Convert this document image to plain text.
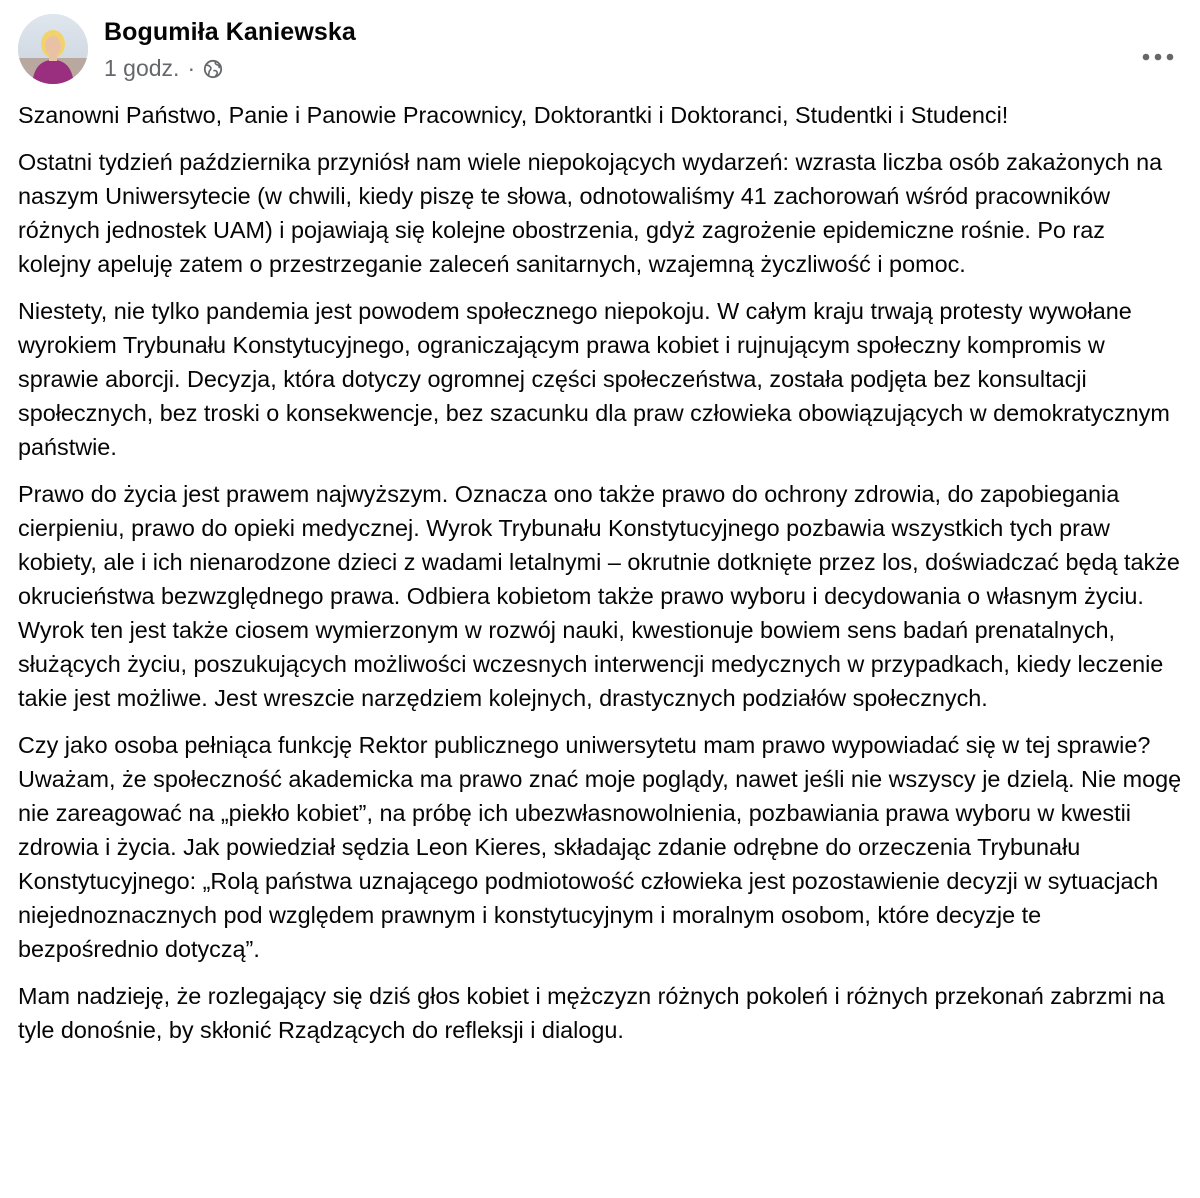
Bogumiła Kaniewska
1 godz. ·

Szanowni Państwo, Panie i Panowie Pracownicy, Doktorantki i Doktoranci, Studentki i Studenci!

Ostatni tydzień października przyniósł nam wiele niepokojących wydarzeń: wzrasta liczba osób zakażonych na naszym Uniwersytecie (w chwili, kiedy piszę te słowa, odnotowaliśmy 41 zachorowań wśród pracowników różnych jednostek UAM) i pojawiają się kolejne obostrzenia, gdyż zagrożenie epidemiczne rośnie. Po raz kolejny apeluję zatem o przestrzeganie zaleceń sanitarnych, wzajemną życzliwość i pomoc.

Niestety, nie tylko pandemia jest powodem społecznego niepokoju. W całym kraju trwają protesty wywołane wyrokiem Trybunału Konstytucyjnego, ograniczającym prawa kobiet i rujnującym społeczny kompromis w sprawie aborcji. Decyzja, która dotyczy ogromnej części społeczeństwa, została podjęta bez konsultacji społecznych, bez troski o konsekwencje, bez szacunku dla praw człowieka obowiązujących w demokratycznym państwie.

Prawo do życia jest prawem najwyższym. Oznacza ono także prawo do ochrony zdrowia, do zapobiegania cierpieniu, prawo do opieki medycznej. Wyrok Trybunału Konstytucyjnego pozbawia wszystkich tych praw kobiety, ale i ich nienarodzone dzieci z wadami letalnymi – okrutnie dotknięte przez los, doświadczać będą także okrucieństwa bezwzględnego prawa. Odbiera kobietom także prawo wyboru i decydowania o własnym życiu. Wyrok ten jest także ciosem wymierzonym w rozwój nauki, kwestionuje bowiem sens badań prenatalnych, służących życiu, poszukujących możliwości wczesnych interwencji medycznych w przypadkach, kiedy leczenie takie jest możliwe. Jest wreszcie narzędziem kolejnych, drastycznych podziałów społecznych.

Czy jako osoba pełniąca funkcję Rektor publicznego uniwersytetu mam prawo wypowiadać się w tej sprawie? Uważam, że społeczność akademicka ma prawo znać moje poglądy, nawet jeśli nie wszyscy je dzielą. Nie mogę nie zareagować na „piekło kobiet”, na próbę ich ubezwłasnowolnienia, pozbawiania prawa wyboru w kwestii zdrowia i życia. Jak powiedział sędzia Leon Kieres, składając zdanie odrębne do orzeczenia Trybunału Konstytucyjnego: „Rolą państwa uznającego podmiotowość człowieka jest pozostawienie decyzji w sytuacjach niejednoznacznych pod względem prawnym i konstytucyjnym i moralnym osobom, które decyzje te bezpośrednio dotyczą”.

Mam nadzieję, że rozlegający się dziś głos kobiet i mężczyzn różnych pokoleń i różnych przekonań zabrzmi na tyle donośnie, by skłonić Rządzących do refleksji i dialogu.
